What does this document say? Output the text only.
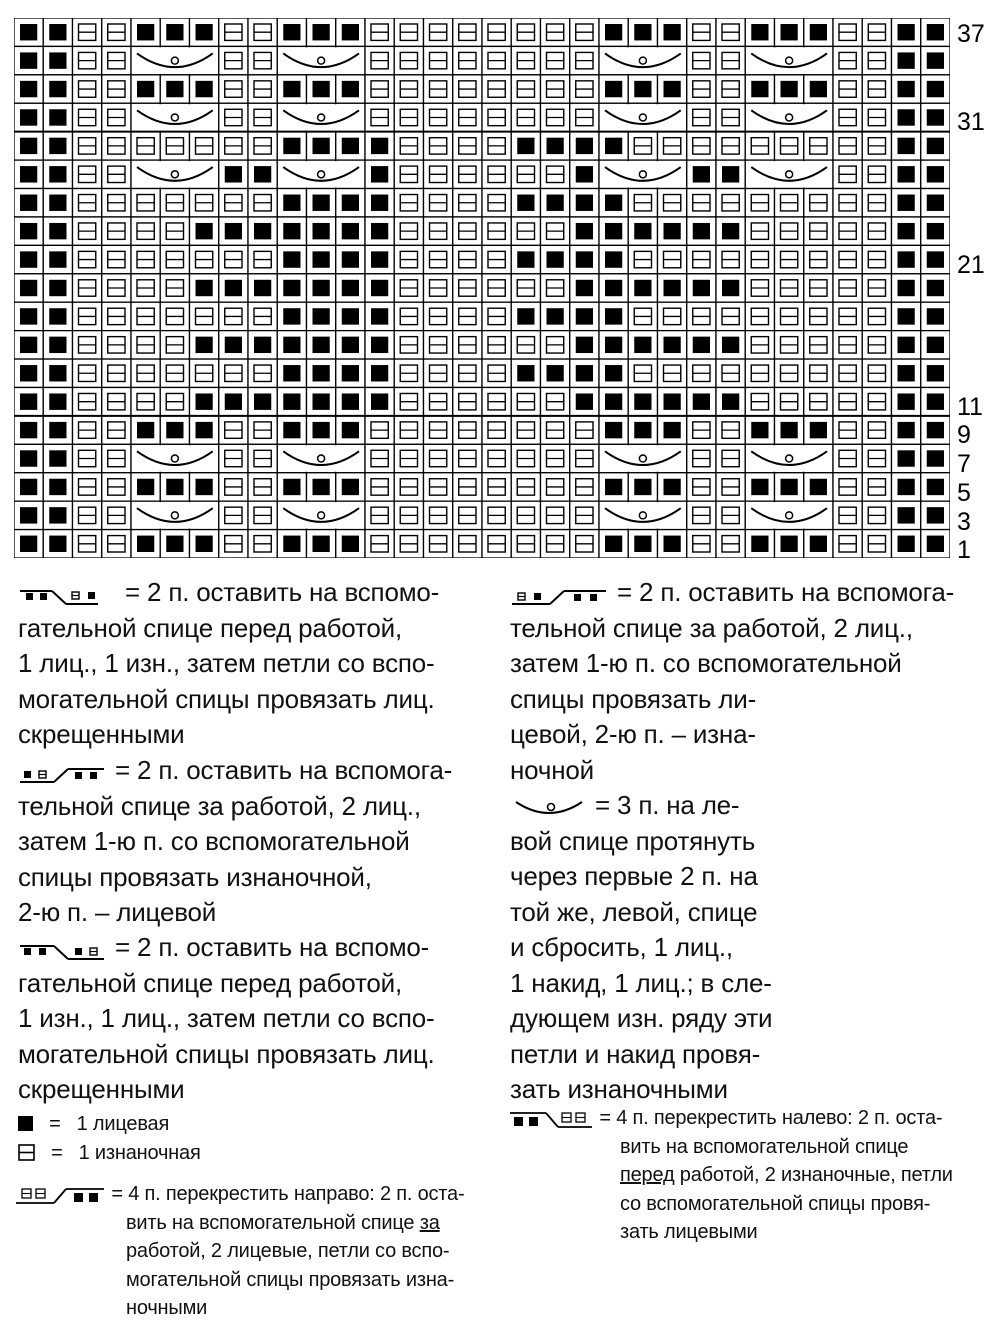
37
31
21
11
9
7
5
3
1
= 2 п. оставить на вспомо-
гательной спице перед работой,
1 лиц., 1 изн., затем петли со вспо-
могательной спицы провязать лиц.
скрещенными
= 2 п. оставить на вспомога-
тельной спице за работой, 2 лиц.,
затем 1-ю п. со вспомогательной
спицы провязать изнаночной,
2-ю п. – лицевой
= 2 п. оставить на вспомо-
гательной спице перед работой,
1 изн., 1 лиц., затем петли со вспо-
могательной спицы провязать лиц.
скрещенными
= 1 лицевая
= 1 изнаночная
= 4 п. перекрестить направо: 2 п. оста-
вить на вспомогательной спице за
работой, 2 лицевые, петли со вспо-
могательной спицы провязать изна-
ночными
= 2 п. оставить на вспомога-
тельной спице за работой, 2 лиц.,
затем 1-ю п. со вспомогательной
спицы провязать ли-
цевой, 2-ю п. – изна-
ночной
= 3 п. на ле-
вой спице протянуть
через первые 2 п. на
той же, левой, спице
и сбросить, 1 лиц.,
1 накид, 1 лиц.; в сле-
дующем изн. ряду эти
петли и накид провя-
зать изнаночными
= 4 п. перекрестить налево: 2 п. оста-
вить на вспомогательной спице
перед работой, 2 изнаночные, петли
со вспомогательной спицы провя-
зать лицевыми
